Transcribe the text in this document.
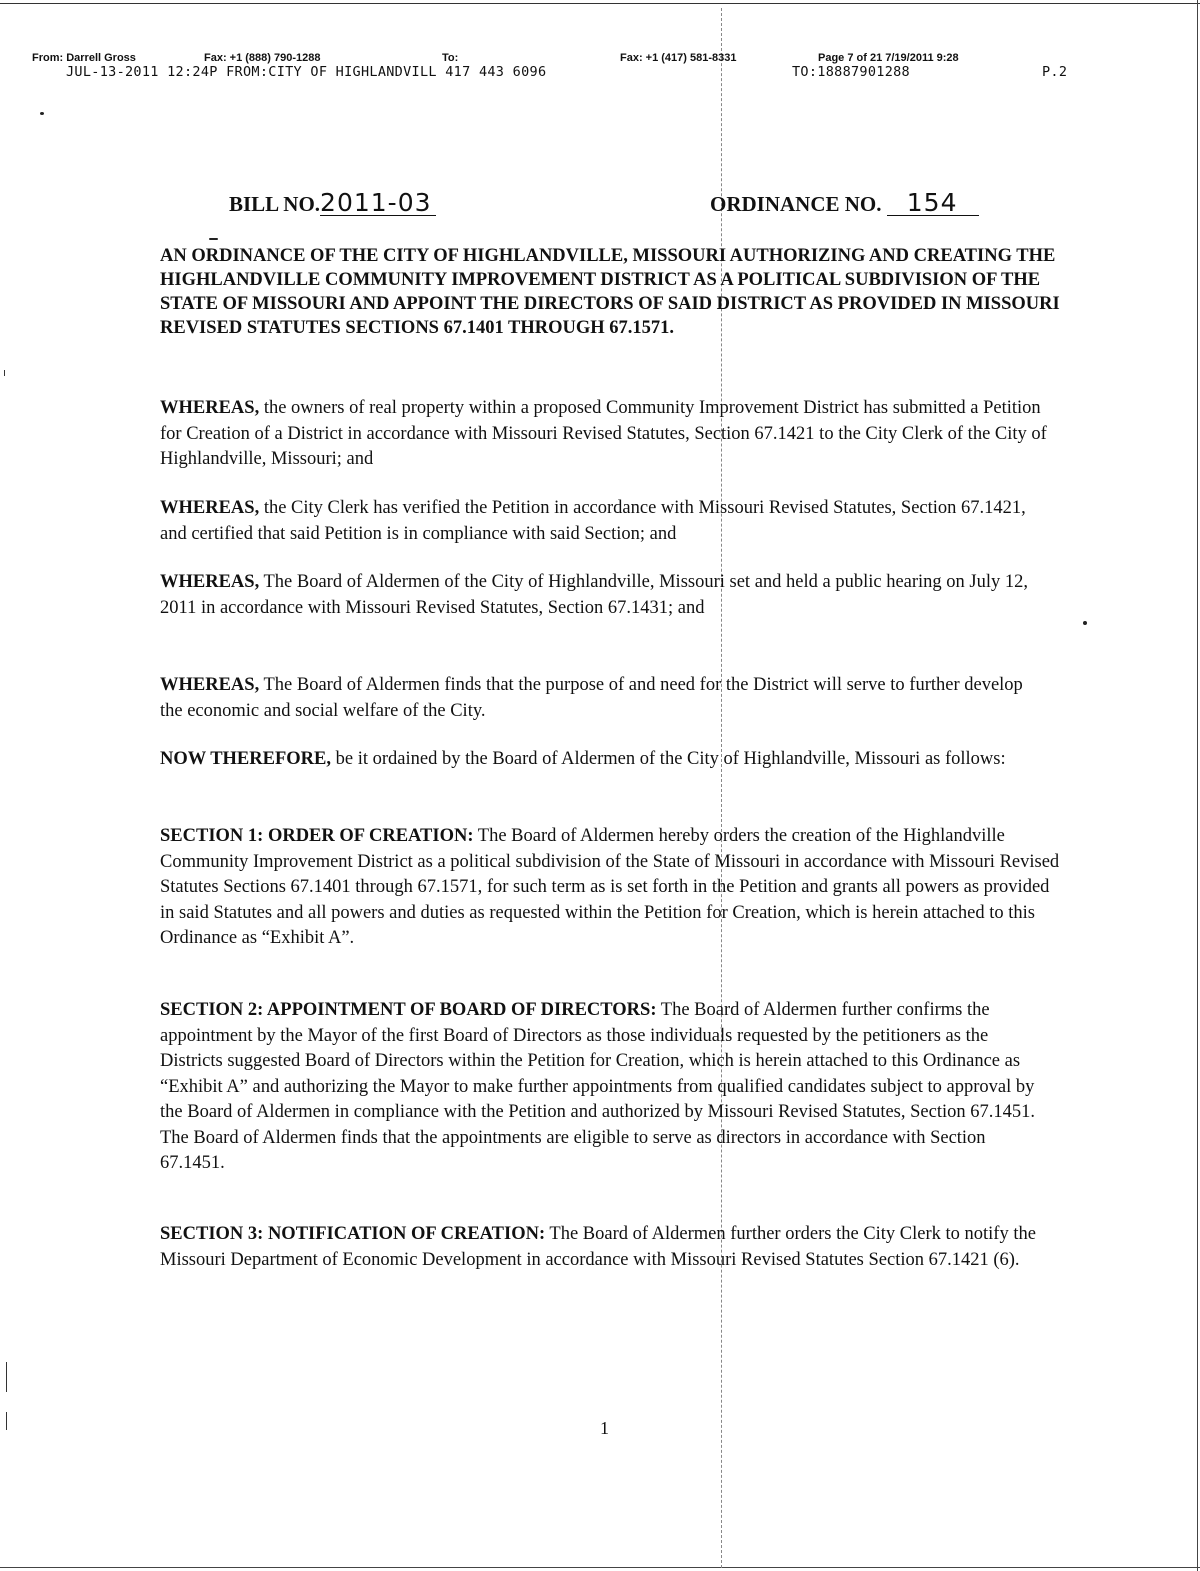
From: Darrell Gross	Fax: +1 (888) 790-1288	To:	Fax: +1 (417) 581-8331	Page 7 of 21 7/19/2011 9:28
JUL-13-2011 12:24P FROM:CITY OF HIGHLANDVILL 417 443 6096	TO:18887901288	P.2
BILL NO.2011-03	ORDINANCE NO. 154
AN ORDINANCE OF THE CITY OF HIGHLANDVILLE, MISSOURI AUTHORIZING AND CREATING THE HIGHLANDVILLE COMMUNITY IMPROVEMENT DISTRICT AS A POLITICAL SUBDIVISION OF THE STATE OF MISSOURI AND APPOINT THE DIRECTORS OF SAID DISTRICT AS PROVIDED IN MISSOURI REVISED STATUTES SECTIONS 67.1401 THROUGH 67.1571.
WHEREAS, the owners of real property within a proposed Community Improvement District has submitted a Petition for Creation of a District in accordance with Missouri Revised Statutes, Section 67.1421 to the City Clerk of the City of Highlandville, Missouri; and
WHEREAS, the City Clerk has verified the Petition in accordance with Missouri Revised Statutes, Section 67.1421, and certified that said Petition is in compliance with said Section; and
WHEREAS, The Board of Aldermen of the City of Highlandville, Missouri set and held a public hearing on July 12, 2011 in accordance with Missouri Revised Statutes, Section 67.1431; and
WHEREAS, The Board of Aldermen finds that the purpose of and need for the District will serve to further develop the economic and social welfare of the City.
NOW THEREFORE, be it ordained by the Board of Aldermen of the City of Highlandville, Missouri as follows:
SECTION 1: ORDER OF CREATION: The Board of Aldermen hereby orders the creation of the Highlandville Community Improvement District as a political subdivision of the State of Missouri in accordance with Missouri Revised Statutes Sections 67.1401 through 67.1571, for such term as is set forth in the Petition and grants all powers as provided in said Statutes and all powers and duties as requested within the Petition for Creation, which is herein attached to this Ordinance as “Exhibit A”.
SECTION 2: APPOINTMENT OF BOARD OF DIRECTORS: The Board of Aldermen further confirms the appointment by the Mayor of the first Board of Directors as those individuals requested by the petitioners as the Districts suggested Board of Directors within the Petition for Creation, which is herein attached to this Ordinance as “Exhibit A” and authorizing the Mayor to make further appointments from qualified candidates subject to approval by the Board of Aldermen in compliance with the Petition and authorized by Missouri Revised Statutes, Section 67.1451. The Board of Aldermen finds that the appointments are eligible to serve as directors in accordance with Section 67.1451.
SECTION 3: NOTIFICATION OF CREATION: The Board of Aldermen further orders the City Clerk to notify the Missouri Department of Economic Development in accordance with Missouri Revised Statutes Section 67.1421 (6).
1
